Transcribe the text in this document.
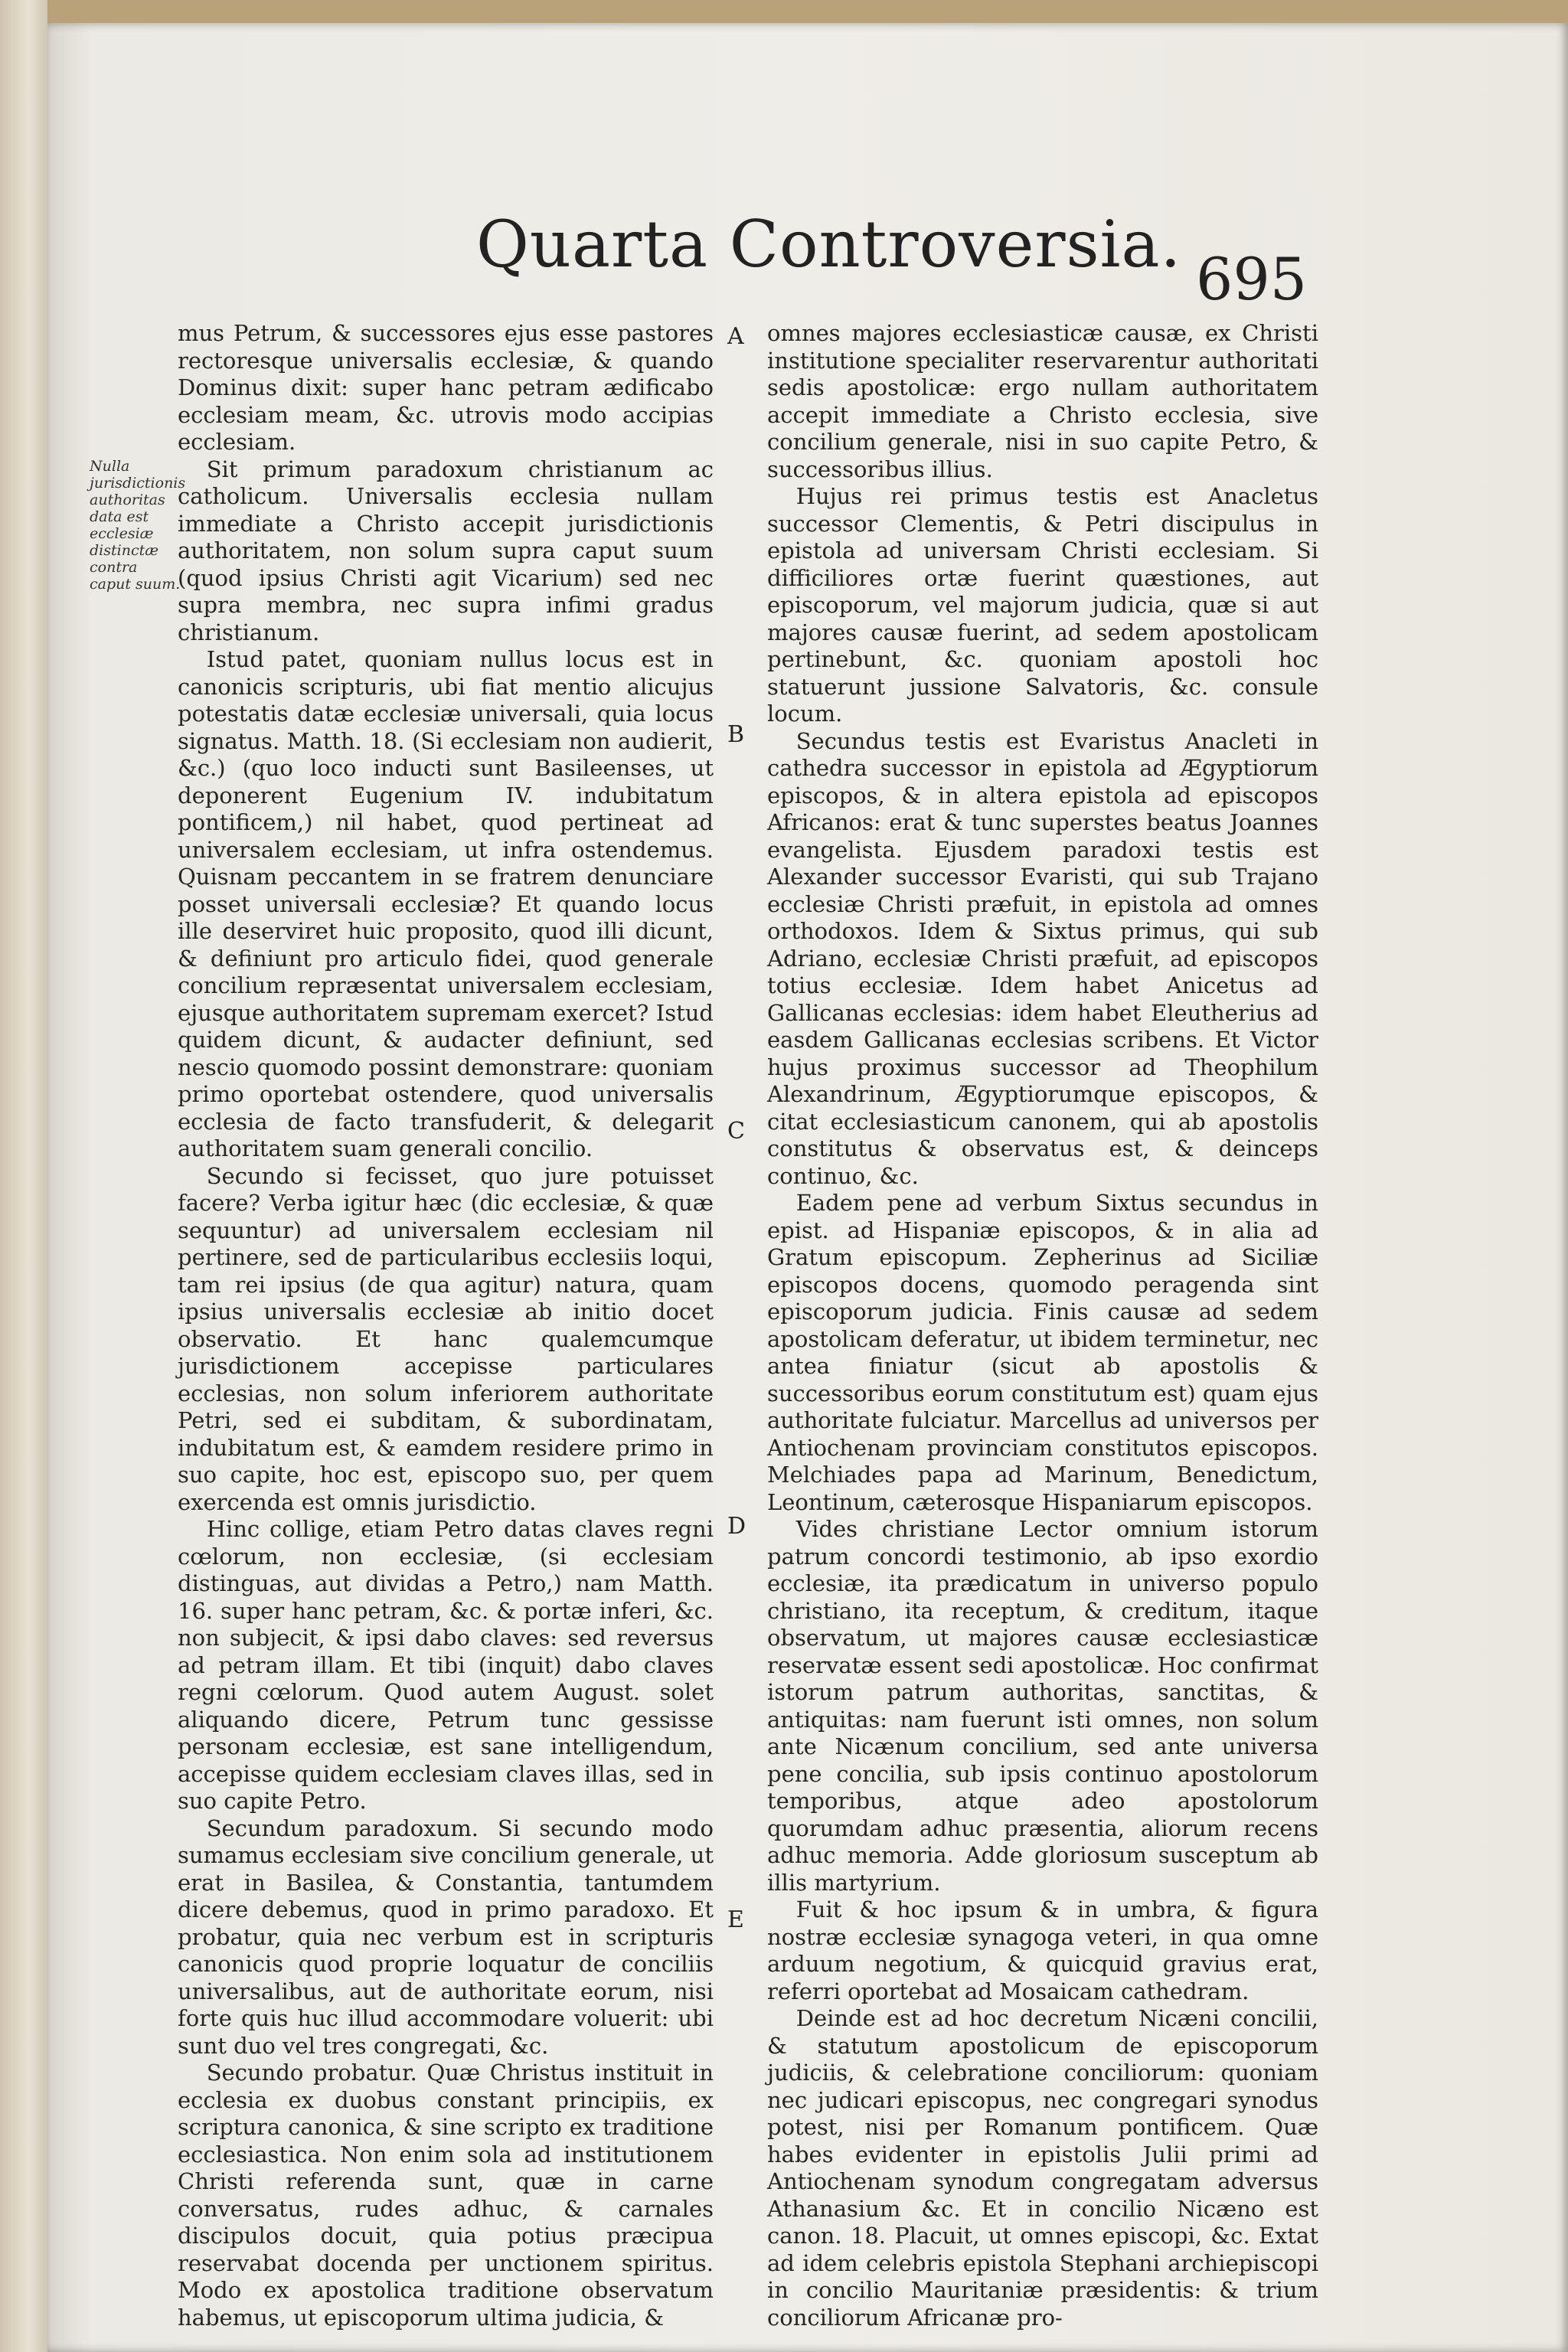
Quarta Controversia. 695
Nulla jurisdictionis authoritas data est ecclesiæ distinctæ contra caput suum.
A
B
C
D
E

mus Petrum, & successores ejus esse pastores rectoresque universalis ecclesiæ, & quando Dominus dixit: super hanc petram ædificabo ecclesiam meam, &c. utrovis modo accipias ecclesiam.

Sit primum paradoxum christianum ac catholicum. Universalis ecclesia nullam immediate a Christo accepit jurisdictionis authoritatem, non solum supra caput suum (quod ipsius Christi agit Vicarium) sed nec supra membra, nec supra infimi gradus christianum.

Istud patet, quoniam nullus locus est in canonicis scripturis, ubi fiat mentio alicujus potestatis datæ ecclesiæ universali, quia locus signatus. Matth. 18. (Si ecclesiam non audierit, &c.) (quo loco inducti sunt Basileenses, ut deponerent Eugenium IV. indubitatum pontificem,) nil habet, quod pertineat ad universalem ecclesiam, ut infra ostendemus. Quisnam peccantem in se fratrem denunciare posset universali ecclesiæ? Et quando locus ille deserviret huic proposito, quod illi dicunt, & definiunt pro articulo fidei, quod generale concilium repræsentat universalem ecclesiam, ejusque authoritatem supremam exercet? Istud quidem dicunt, & audacter definiunt, sed nescio quomodo possint demonstrare: quoniam primo oportebat ostendere, quod universalis ecclesia de facto transfuderit, & delegarit authoritatem suam generali concilio.

Secundo si fecisset, quo jure potuisset facere? Verba igitur hæc (dic ecclesiæ, & quæ sequuntur) ad universalem ecclesiam nil pertinere, sed de particularibus ecclesiis loqui, tam rei ipsius (de qua agitur) natura, quam ipsius universalis ecclesiæ ab initio docet observatio. Et hanc qualemcumque jurisdictionem accepisse particulares ecclesias, non solum inferiorem authoritate Petri, sed ei subditam, & subordinatam, indubitatum est, & eamdem residere primo in suo capite, hoc est, episcopo suo, per quem exercenda est omnis jurisdictio.

Hinc collige, etiam Petro datas claves regni cœlorum, non ecclesiæ, (si ecclesiam distinguas, aut dividas a Petro,) nam Matth. 16. super hanc petram, &c. & portæ inferi, &c. non subjecit, & ipsi dabo claves: sed reversus ad petram illam. Et tibi (inquit) dabo claves regni cœlorum. Quod autem August. solet aliquando dicere, Petrum tunc gessisse personam ecclesiæ, est sane intelligendum, accepisse quidem ecclesiam claves illas, sed in suo capite Petro.

Secundum paradoxum. Si secundo modo sumamus ecclesiam sive concilium generale, ut erat in Basilea, & Constantia, tantumdem dicere debemus, quod in primo paradoxo. Et probatur, quia nec verbum est in scripturis canonicis quod proprie loquatur de conciliis universalibus, aut de authoritate eorum, nisi forte quis huc illud accommodare voluerit: ubi sunt duo vel tres congregati, &c.

Secundo probatur. Quæ Christus instituit in ecclesia ex duobus constant principiis, ex scriptura canonica, & sine scripto ex traditione ecclesiastica. Non enim sola ad institutionem Christi referenda sunt, quæ in carne conversatus, rudes adhuc, & carnales discipulos docuit, quia potius præcipua reservabat docenda per unctionem spiritus. Modo ex apostolica traditione observatum habemus, ut episcoporum ultima judicia, &

omnes majores ecclesiasticæ causæ, ex Christi institutione specialiter reservarentur authoritati sedis apostolicæ: ergo nullam authoritatem accepit immediate a Christo ecclesia, sive concilium generale, nisi in suo capite Petro, & successoribus illius.

Hujus rei primus testis est Anacletus successor Clementis, & Petri discipulus in epistola ad universam Christi ecclesiam. Si difficiliores ortæ fuerint quæstiones, aut episcoporum, vel majorum judicia, quæ si aut majores causæ fuerint, ad sedem apostolicam pertinebunt, &c. quoniam apostoli hoc statuerunt jussione Salvatoris, &c. consule locum.

Secundus testis est Evaristus Anacleti in cathedra successor in epistola ad Ægyptiorum episcopos, & in altera epistola ad episcopos Africanos: erat & tunc superstes beatus Joannes evangelista. Ejusdem paradoxi testis est Alexander successor Evaristi, qui sub Trajano ecclesiæ Christi præfuit, in epistola ad omnes orthodoxos. Idem & Sixtus primus, qui sub Adriano, ecclesiæ Christi præfuit, ad episcopos totius ecclesiæ. Idem habet Anicetus ad Gallicanas ecclesias: idem habet Eleutherius ad easdem Gallicanas ecclesias scribens. Et Victor hujus proximus successor ad Theophilum Alexandrinum, Ægyptiorumque episcopos, & citat ecclesiasticum canonem, qui ab apostolis constitutus & observatus est, & deinceps continuo, &c.

Eadem pene ad verbum Sixtus secundus in epist. ad Hispaniæ episcopos, & in alia ad Gratum episcopum. Zepherinus ad Siciliæ episcopos docens, quomodo peragenda sint episcoporum judicia. Finis causæ ad sedem apostolicam deferatur, ut ibidem terminetur, nec antea finiatur (sicut ab apostolis & successoribus eorum constitutum est) quam ejus authoritate fulciatur. Marcellus ad universos per Antiochenam provinciam constitutos episcopos. Melchiades papa ad Marinum, Benedictum, Leontinum, cæterosque Hispaniarum episcopos.

Vides christiane Lector omnium istorum patrum concordi testimonio, ab ipso exordio ecclesiæ, ita prædicatum in universo populo christiano, ita receptum, & creditum, itaque observatum, ut majores causæ ecclesiasticæ reservatæ essent sedi apostolicæ. Hoc confirmat istorum patrum authoritas, sanctitas, & antiquitas: nam fuerunt isti omnes, non solum ante Nicænum concilium, sed ante universa pene concilia, sub ipsis continuo apostolorum temporibus, atque adeo apostolorum quorumdam adhuc præsentia, aliorum recens adhuc memoria. Adde gloriosum susceptum ab illis martyrium.

Fuit & hoc ipsum & in umbra, & figura nostræ ecclesiæ synagoga veteri, in qua omne arduum negotium, & quicquid gravius erat, referri oportebat ad Mosaicam cathedram.

Deinde est ad hoc decretum Nicæni concilii, & statutum apostolicum de episcoporum judiciis, & celebratione conciliorum: quoniam nec judicari episcopus, nec congregari synodus potest, nisi per Romanum pontificem. Quæ habes evidenter in epistolis Julii primi ad Antiochenam synodum congregatam adversus Athanasium &c. Et in concilio Nicæno est canon. 18. Placuit, ut omnes episcopi, &c. Extat ad idem celebris epistola Stephani archiepiscopi in concilio Mauritaniæ præsidentis: & trium conciliorum Africanæ pro-
